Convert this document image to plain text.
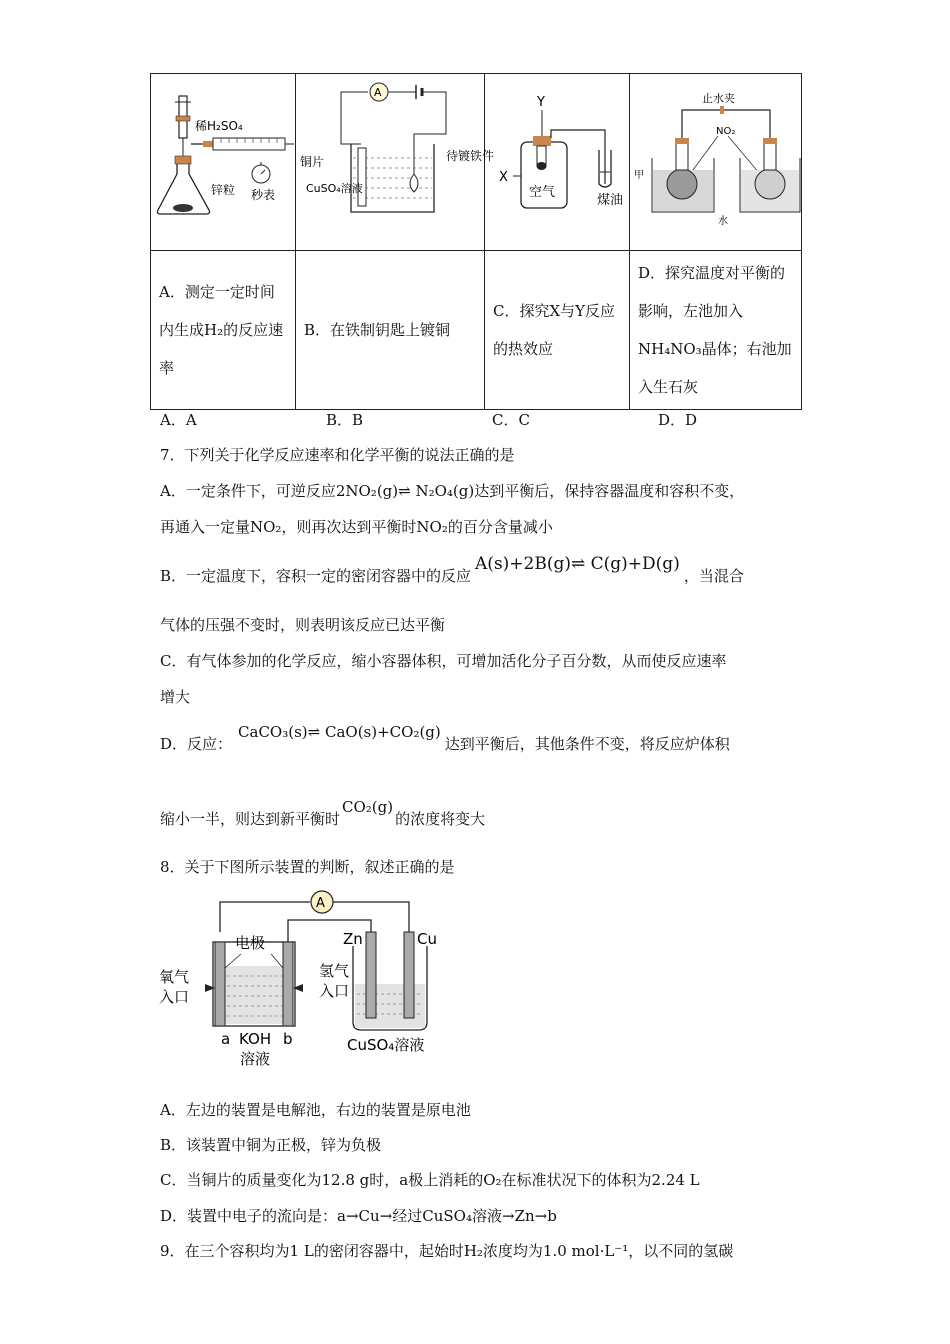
稀H₂SO₄
锌粒 秒表	A
铜片
CuSO₄溶液
待镀铁件	Y
X
空气
煤油	止水夹
NO₂
甲
水

A．测定一定时间内生成H₂的反应速率	B．在铁制钥匙上镀铜	C．探究X与Y反应的热效应	D．探究温度对平衡的影响，左池加入NH₄NO₃晶体；右池加入生石灰
A．A	B．B	C．C	D．D
7．下列关于化学反应速率和化学平衡的说法正确的是
A．一定条件下，可逆反应2NO₂(g)⇌ N₂O₄(g)达到平衡后，保持容器温度和容积不变，
再通入一定量NO₂，则再次达到平衡时NO₂的百分含量减小
B．一定温度下，容积一定的密闭容器中的反应A(s)+2B(g)⇌ C(g)+D(g)，当混合
气体的压强不变时，则表明该反应已达平衡
C．有气体参加的化学反应，缩小容器体积，可增加活化分子百分数，从而使反应速率
增大
D．反应：CaCO₃(s)⇌ CaO(s)+CO₂(g)达到平衡后，其他条件不变，将反应炉体积
缩小一半，则达到新平衡时CO₂(g)的浓度将变大
8．关于下图所示装置的判断，叙述正确的是
A
电极
氧气
入口
氢气
入口
a KOH b
溶液
Zn	Cu
CuSO₄溶液
A．左边的装置是电解池，右边的装置是原电池
B．该装置中铜为正极，锌为负极
C．当铜片的质量变化为12.8 g时，a极上消耗的O₂在标准状况下的体积为2.24 L
D．装置中电子的流向是：a→Cu→经过CuSO₄溶液→Zn→b
9．在三个容积均为1 L的密闭容器中，起始时H₂浓度均为1.0 mol·L⁻¹，以不同的氢碳
